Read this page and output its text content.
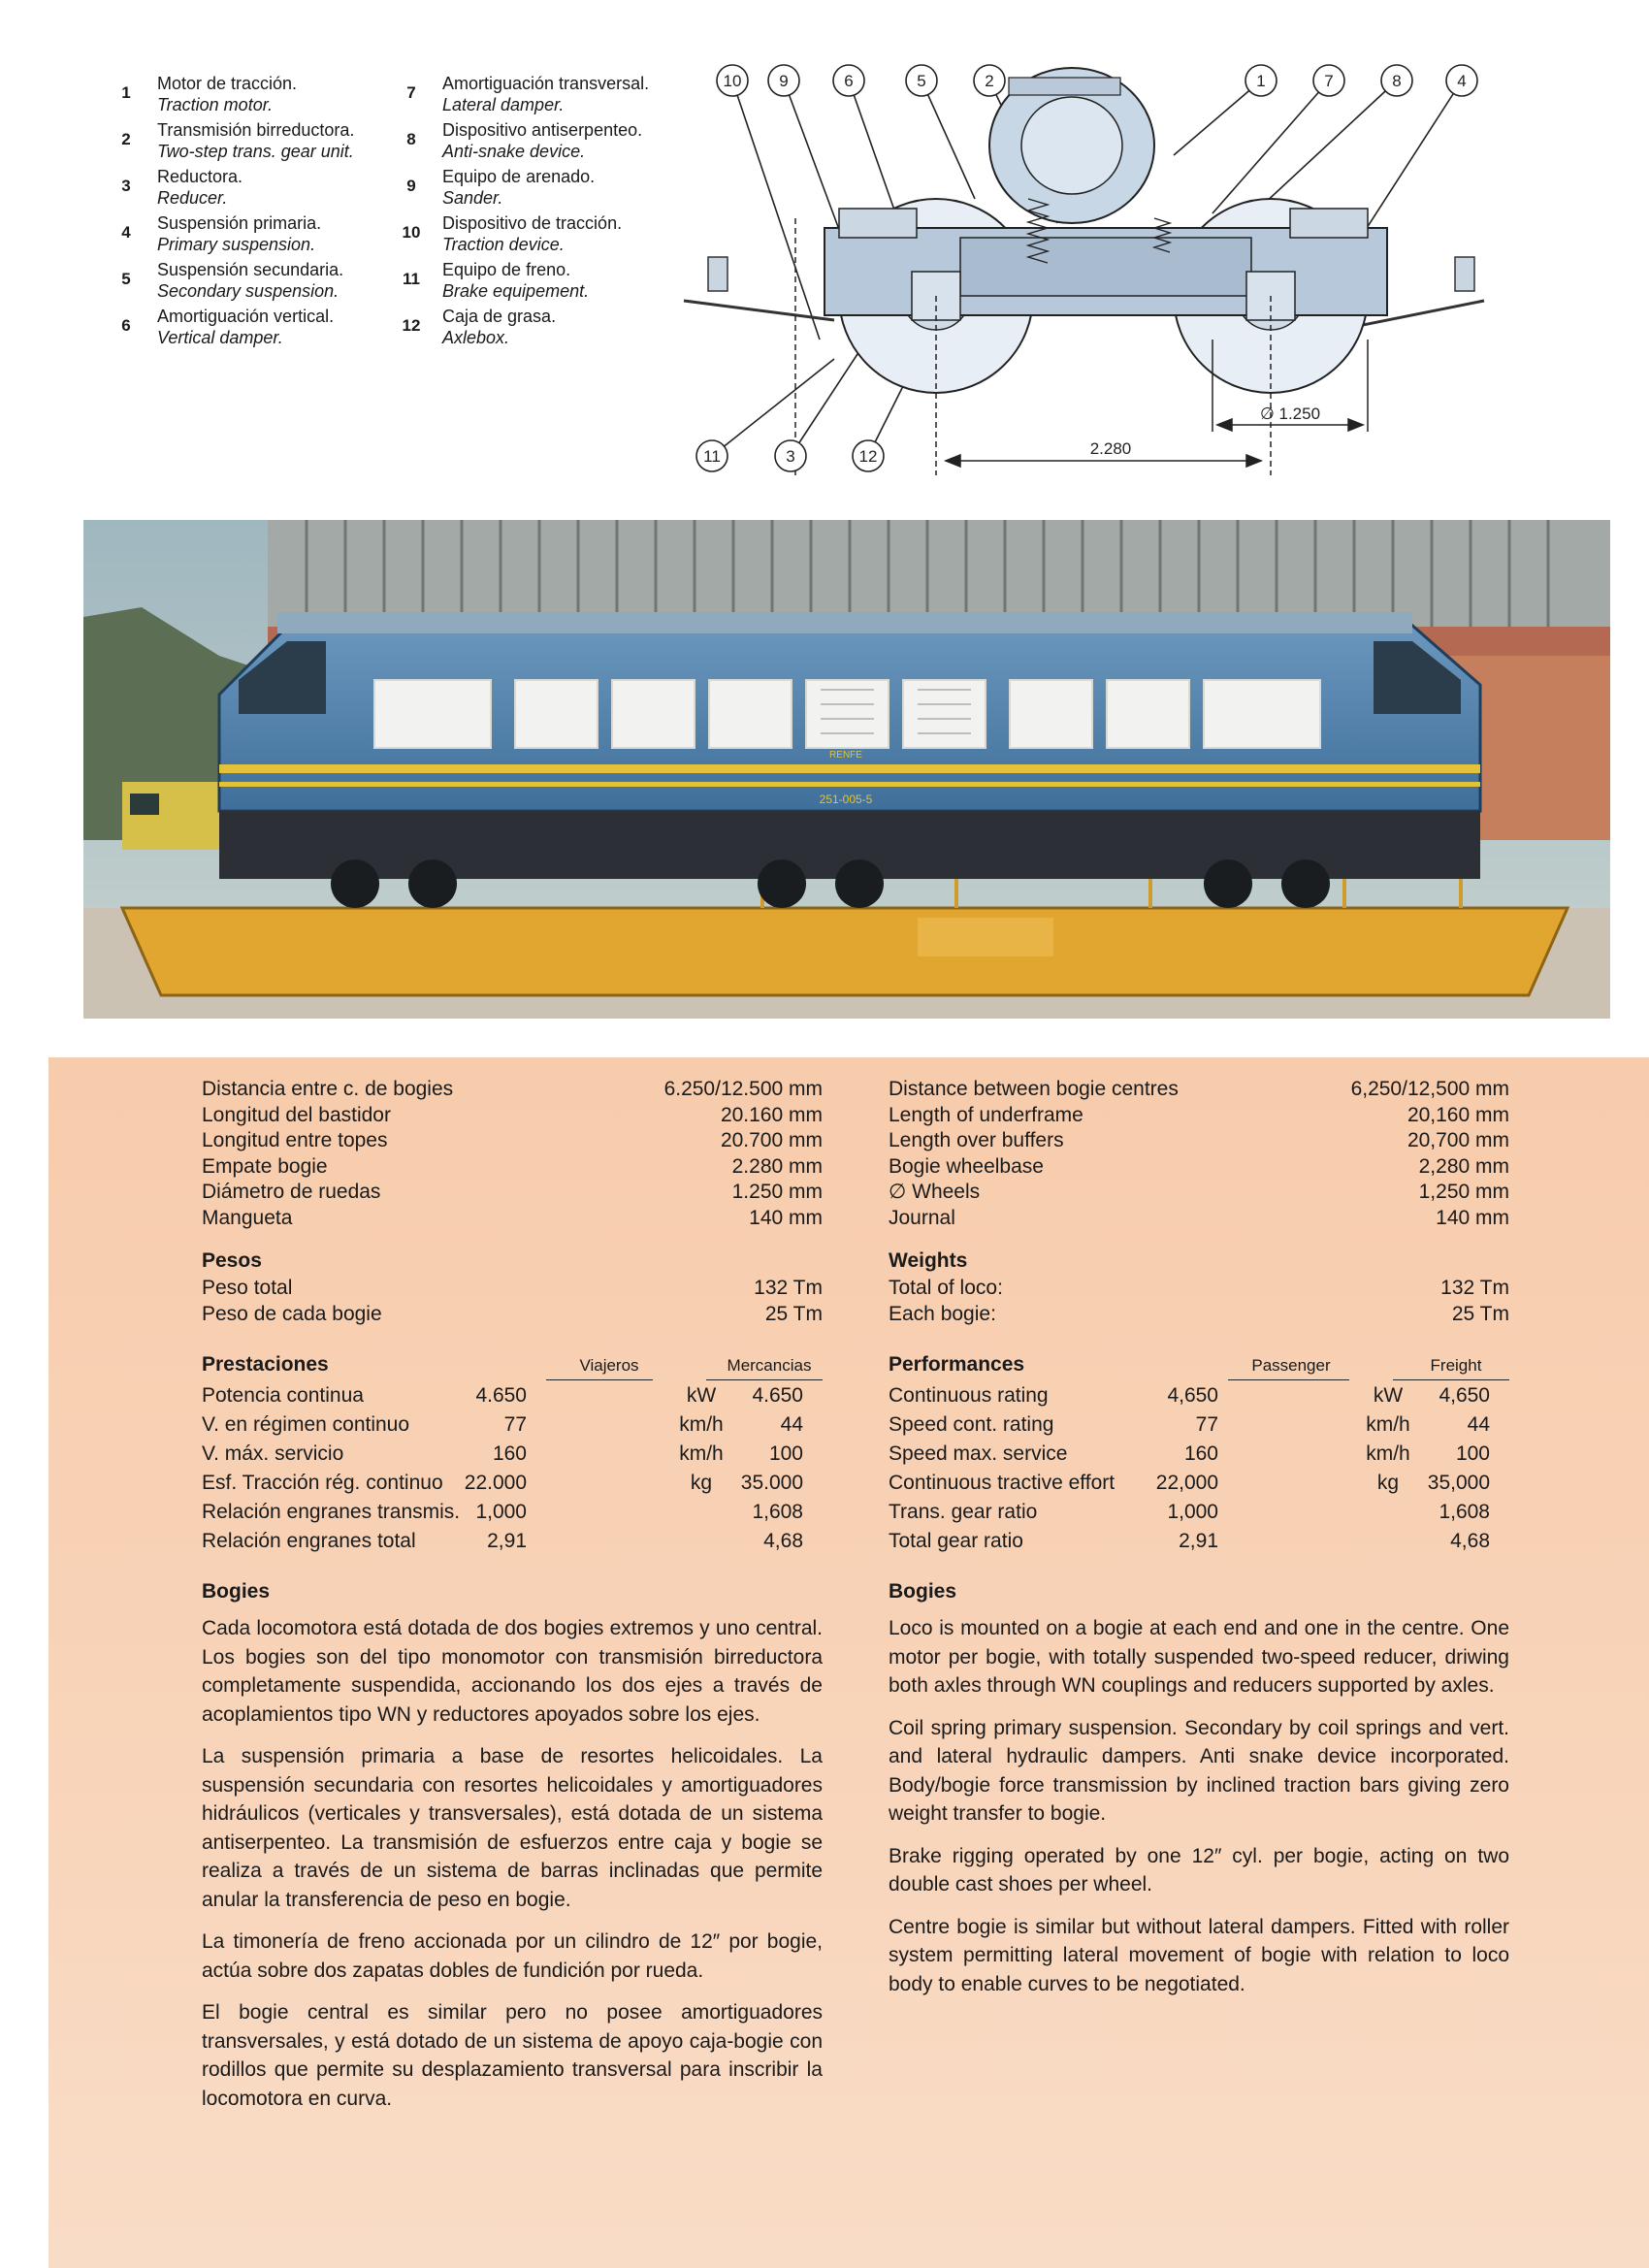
1 Motor de tracción.
Traction motor.
2 Transmisión birreductora.
Two-step trans. gear unit.
3 Reductora.
Reducer.
4 Suspensión primaria.
Primary suspension.
5 Suspensión secundaria.
Secondary suspension.
6 Amortiguación vertical.
Vertical damper.
7 Amortiguación transversal.
Lateral damper.
8 Dispositivo antiserpenteo.
Anti-snake device.
9 Equipo de arenado.
Sander.
10 Dispositivo de tracción.
Traction device.
11 Equipo de freno.
Brake equipement.
12 Caja de grasa.
Axlebox.
10 9	6	5	2	1	7	8	4
11	3	12
∅ 1.250
2.280
RENFE
251-005-5
Distancia entre c. de bogies	6.250/12.500 mm
Longitud del bastidor	20.160 mm
Longitud entre topes	20.700 mm
Empate bogie	2.280 mm
Diámetro de ruedas	1.250 mm
Mangueta	140 mm
Pesos
Peso total	132 Tm
Peso de cada bogie	25 Tm
Prestaciones	Viajeros	Mercancias
Potencia continua	4.650	kW	4.650
V. en régimen continuo	77	km/h	44
V. máx. servicio	160	km/h	100
Esf. Tracción rég. continuo 22.000	kg	35.000
Relación engranes transmis. 1,000	1,608
Relación engranes total	2,91	4,68
Bogies

Cada locomotora está dotada de dos bogies extremos y uno central. Los bogies son del tipo monomotor con transmisión birreductora completamente suspendida, accionando los dos ejes a través de acoplamientos tipo WN y reductores apoyados sobre los ejes.

La suspensión primaria a base de resortes helicoidales. La suspensión secundaria con resortes helicoidales y amortiguadores hidráulicos (verticales y transversales), está dotada de un sistema antiserpenteo. La transmisión de esfuerzos entre caja y bogie se realiza a través de un sistema de barras inclinadas que permite anular la transferencia de peso en bogie.

La timonería de freno accionada por un cilindro de 12″ por bogie, actúa sobre dos zapatas dobles de fundición por rueda.

El bogie central es similar pero no posee amortiguadores transversales, y está dotado de un sistema de apoyo caja-bogie con rodillos que permite su desplazamiento transversal para inscribir la locomotora en curva.

Distance between bogie centres	6,250/12,500 mm
Length of underframe	20,160 mm
Length over buffers	20,700 mm
Bogie wheelbase	2,280 mm
∅ Wheels	1,250 mm
Journal	140 mm
Weights
Total of loco:	132 Tm
Each bogie:	25 Tm
Performances	Passenger	Freight
Continuous rating	4,650	kW	4,650
Speed cont. rating	77	km/h	44
Speed max. service	160	km/h	100
Continuous tractive effort 22,000	kg	35,000
Trans. gear ratio	1,000	1,608
Total gear ratio	2,91	4,68
Bogies

Loco is mounted on a bogie at each end and one in the centre. One motor per bogie, with totally suspended two-speed reducer, driwing both axles through WN couplings and reducers supported by axles.

Coil spring primary suspension. Secondary by coil springs and vert. and lateral hydraulic dampers. Anti snake device incorporated. Body/bogie force transmission by inclined traction bars giving zero weight transfer to bogie.

Brake rigging operated by one 12″ cyl. per bogie, acting on two double cast shoes per wheel.

Centre bogie is similar but without lateral dampers. Fitted with roller system permitting lateral movement of bogie with relation to loco body to enable curves to be negotiated.
